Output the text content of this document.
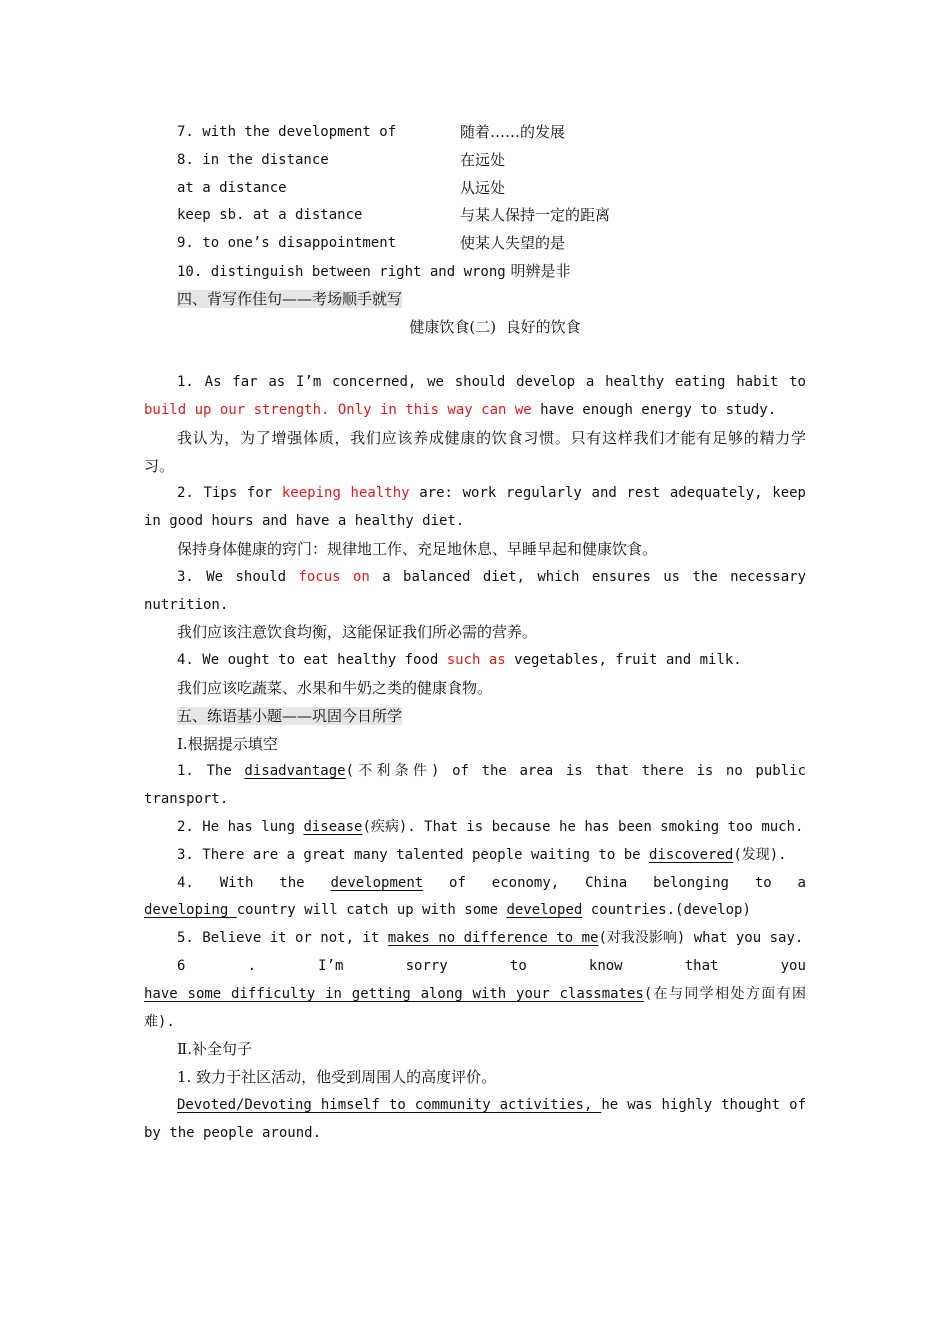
7. with the development of	随着……的发展
8. in the distance	在远处
at a distance	从远处
keep sb. at a distance	与某人保持一定的距离
9. to one’s disappointment	使某人失望的是
10. distinguish between right and wrong 明辨是非
四、背写作佳句——考场顺手就写
健康饮食(二)  良好的饮食
1. As far as I’m concerned, we should develop a healthy eating habit to build up our strength. Only in this way can we have enough energy to study.
我认为，为了增强体质，我们应该养成健康的饮食习惯。只有这样我们才能有足够的精力学习。
2. Tips for keeping healthy are: work regularly and rest adequately, keep in good hours and have a healthy diet.
保持身体健康的窍门：规律地工作、充足地休息、早睡早起和健康饮食。
3. We should focus on a balanced diet, which ensures us the necessary nutrition.
我们应该注意饮食均衡，这能保证我们所必需的营养。
4. We ought to eat healthy food such as vegetables, fruit and milk.
我们应该吃蔬菜、水果和牛奶之类的健康食物。
五、练语基小题——巩固今日所学
Ⅰ.根据提示填空
1. The disadvantage(不利条件) of the area is that there is no public transport.
2. He has lung disease(疾病). That is because he has been smoking too much.
3. There are a great many talented people waiting to be discovered(发现).
4. With the development of economy, China belonging to a developing country will catch up with some developed countries.(develop)
5. Believe it or not, it makes no difference to me(对我没影响) what you say.
6	.	I’m	sorry	to	know	that	you
have some difficulty in getting along with your classmates(在与同学相处方面有困难).
Ⅱ.补全句子
1. 致力于社区活动，他受到周围人的高度评价。
Devoted/Devoting himself to community activities, he was highly thought of by the people around.
